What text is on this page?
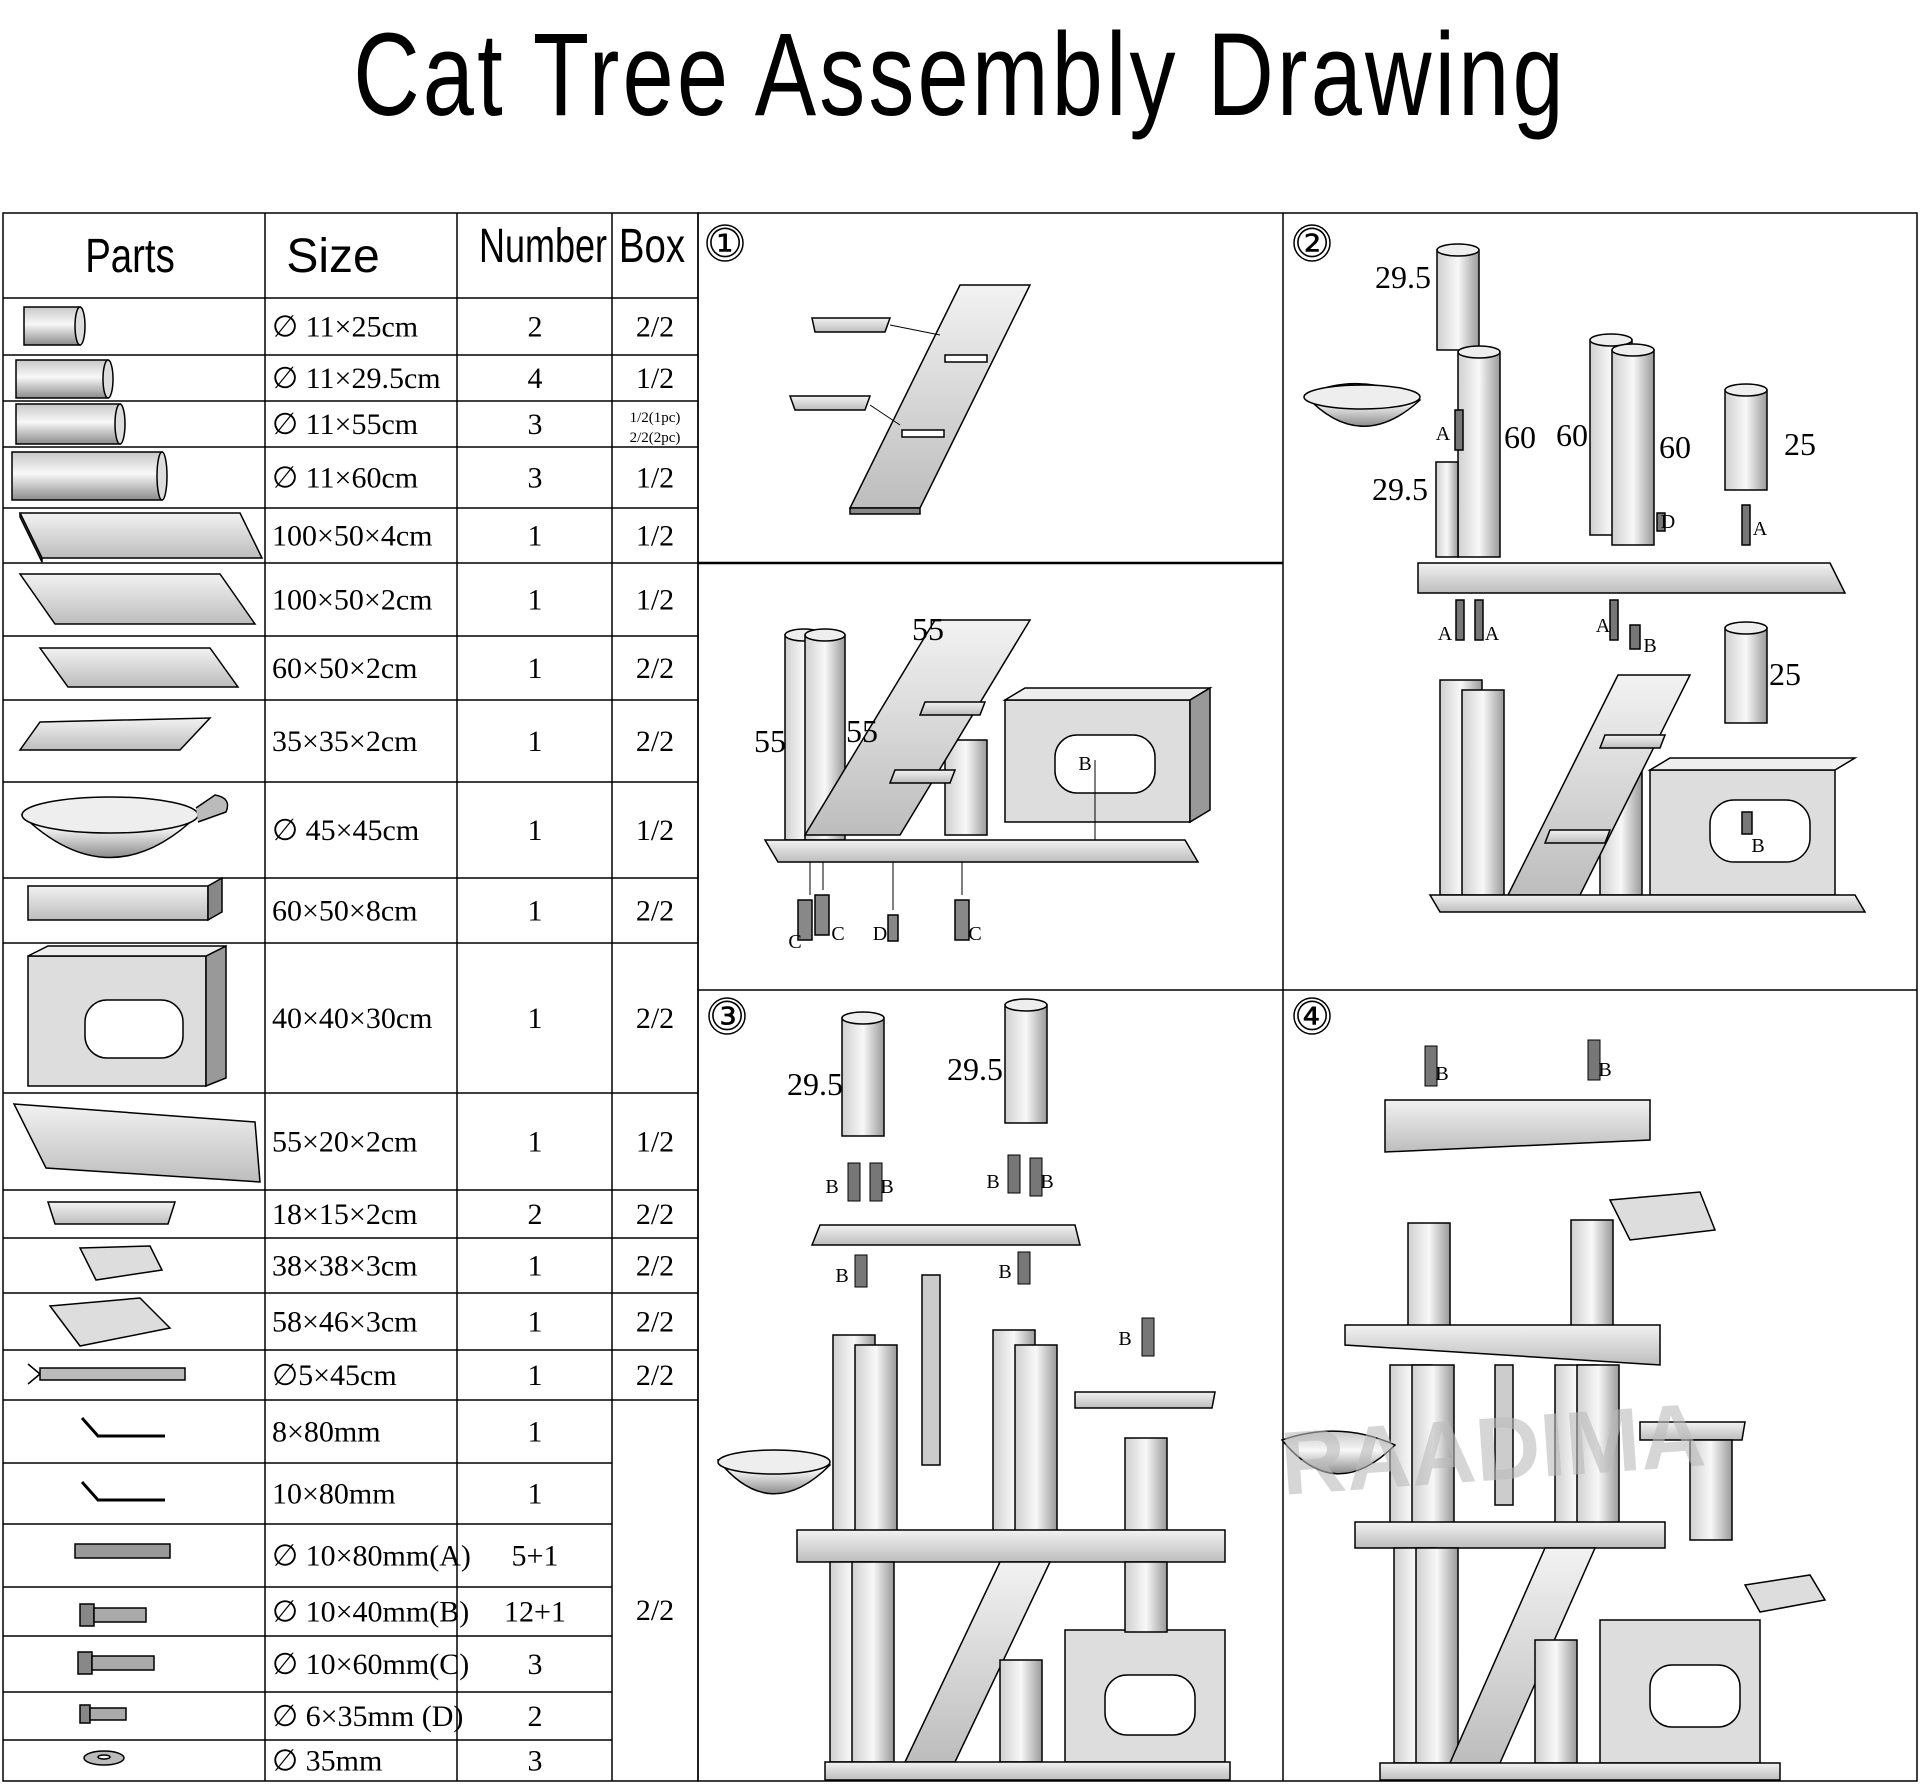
Cat Tree Assembly Drawing
Parts Size Number Box
∅ 11×25cm	2	2/2
∅ 11×29.5cm	4	1/2
∅ 11×55cm	3	1/2(1pc)
2/2(2pc)
∅ 11×60cm	3	1/2
100×50×4cm	1	1/2
100×50×2cm	1	1/2
60×50×2cm	1	2/2
35×35×2cm	1	2/2
∅ 45×45cm	1	1/2
60×50×8cm	1	2/2
40×40×30cm	1	2/2
55×20×2cm	1	1/2
18×15×2cm	2	2/2
38×38×3cm	1	2/2
58×46×3cm	1	2/2
∅5×45cm	1	2/2
8×80mm	1
10×80mm	1
∅ 10×80mm(A) 5+1
∅ 10×40mm(B) 12+1
∅ 10×60mm(C) 3
∅ 6×35mm (D) 2
∅ 35mm	3
2/2
①	②
③	④
55 55
55
B
C C D	C
29.5
29.5
60 60 60	25
25
A
A A	A
A
D
B
B
29.5	29.5
B B	B B
B	B
B
B	B
RAADIMA
